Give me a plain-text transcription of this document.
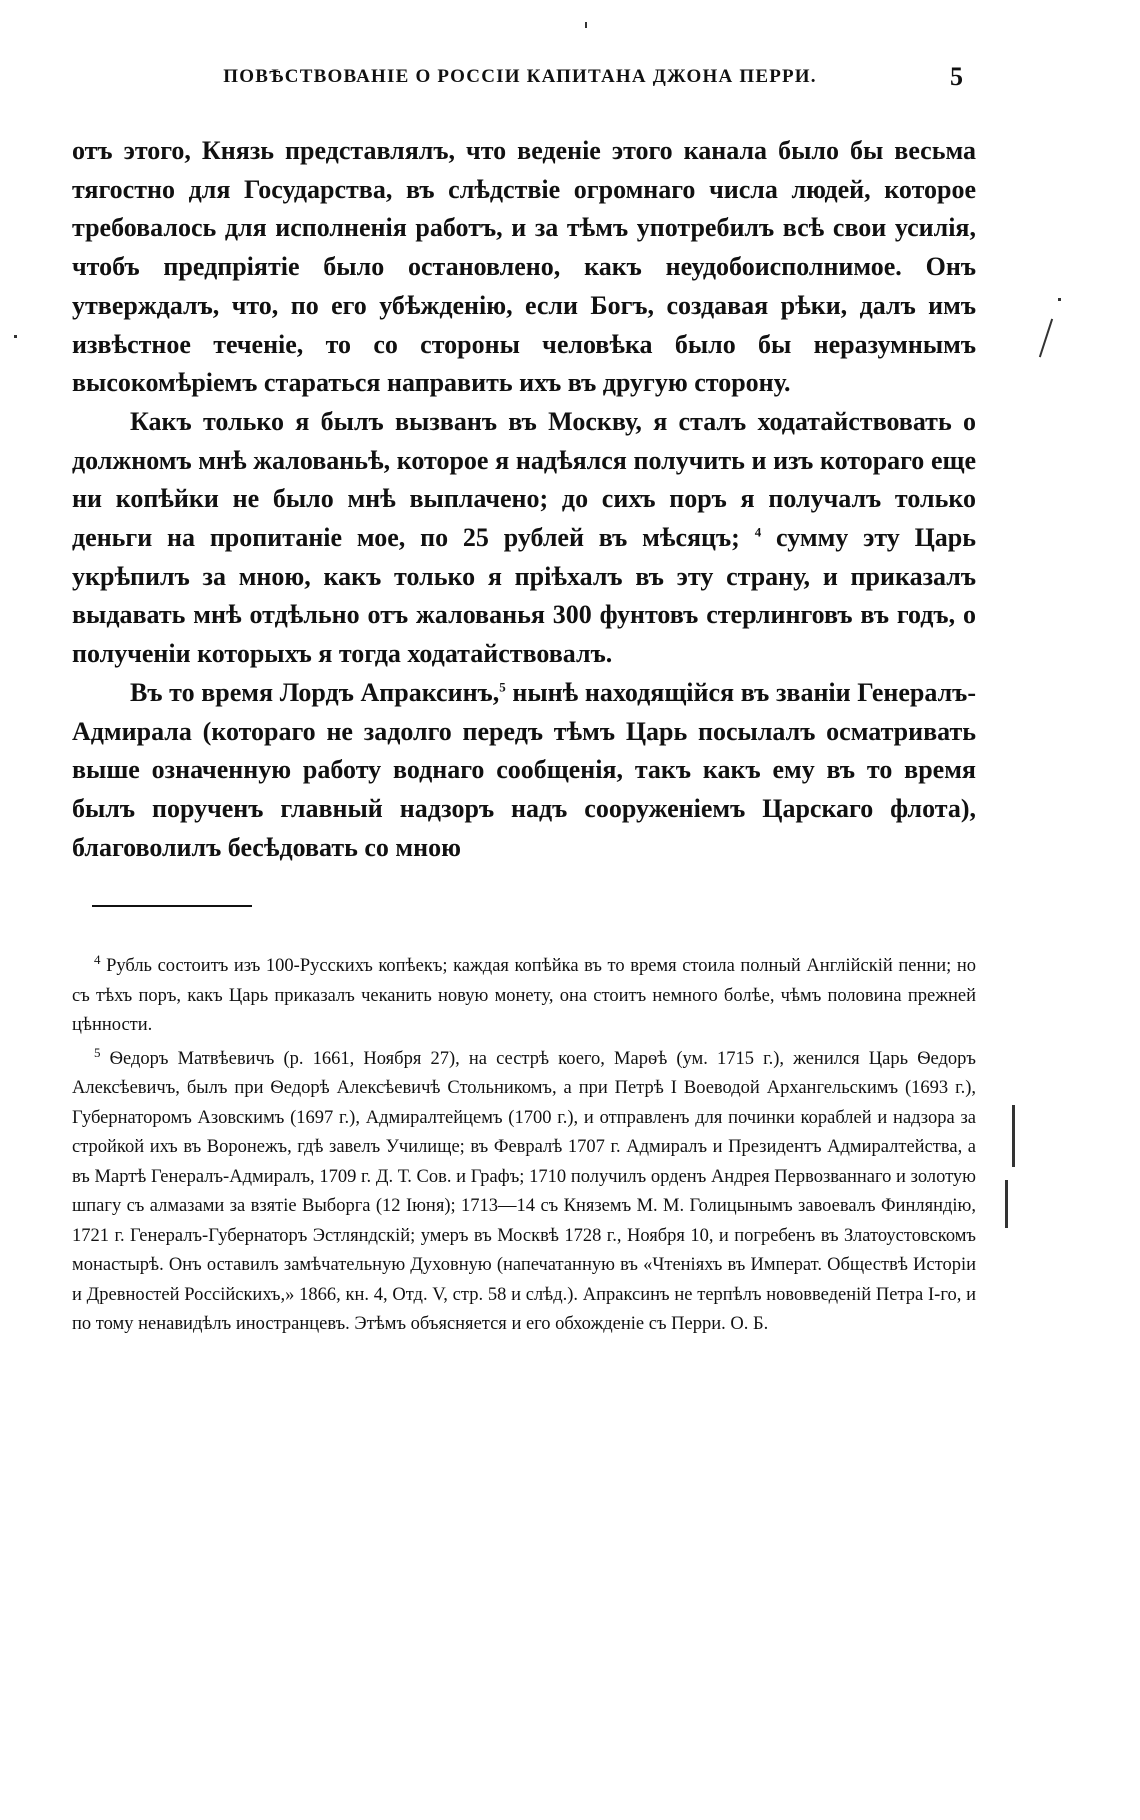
ПОВѢСТВОВАНІЕ О РОССІИ КАПИТАНА ДЖОНА ПЕРРИ.	5

отъ этого, Князь представлялъ, что веденіе этого канала было бы весьма тягостно для Государства, въ слѣдствіе огромнаго числа людей, которое требовалось для исполненія работъ, и за тѣмъ употребилъ всѣ свои усилія, чтобъ предпріятіе было остановлено, какъ неудобоисполнимое. Онъ утверждалъ, что, по его убѣжденію, если Богъ, создавая рѣки, далъ имъ извѣстное теченіе, то со стороны человѣка было бы неразумнымъ высокомѣріемъ стараться направить ихъ въ другую сторону.

Какъ только я былъ вызванъ въ Москву, я сталъ ходатайствовать о должномъ мнѣ жалованьѣ, которое я надѣялся получить и изъ котораго еще ни копѣйки не было мнѣ выплачено; до сихъ поръ я получалъ только деньги на пропитаніе мое, по 25 рублей въ мѣсяцъ; $^4$ сумму эту Царь укрѣпилъ за мною, какъ только я пріѣхалъ въ эту страну, и приказалъ выдавать мнѣ отдѣльно отъ жалованья 300 фунтовъ стерлинговъ въ годъ, о полученіи которыхъ я тогда ходатайствовалъ.

Въ то время Лордъ Апраксинъ,$^5$ нынѣ находящійся въ званіи Генералъ-Адмирала (котораго не задолго передъ тѣмъ Царь посылалъ осматривать выше означенную работу воднаго сообщенія, такъ какъ ему въ то время былъ порученъ главный надзоръ надъ сооруженіемъ Царскаго флота), благоволилъ бесѣдовать со мною

$^4$ Рубль состоитъ изъ 100-Русскихъ копѣекъ; каждая копѣйка въ то время стоила полный Англійскій пенни; но съ тѣхъ поръ, какъ Царь приказалъ чеканить новую монету, она стоитъ немного болѣе, чѣмъ половина прежней цѣнности.

$^5$ Ѳедоръ Матвѣевичъ (р. 1661, Ноября 27), на сестрѣ коего, Марѳѣ (ум. 1715 г.), женился Царь Ѳедоръ Алексѣевичъ, былъ при Ѳедорѣ Алексѣевичѣ Стольникомъ, а при Петрѣ I Воеводой Архангельскимъ (1693 г.), Губернаторомъ Азовскимъ (1697 г.), Адмиралтейцемъ (1700 г.), и отправленъ для починки кораблей и надзора за стройкой ихъ въ Воронежъ, гдѣ завелъ Училище; въ Февралѣ 1707 г. Адмиралъ и Президентъ Адмиралтейства, а въ Мартѣ Генералъ-Адмиралъ, 1709 г. Д. Т. Сов. и Графъ; 1710 получилъ орденъ Андрея Первозваннаго и золотую шпагу съ алмазами за взятіе Выборга (12 Іюня); 1713—14 съ Княземъ М. М. Голицынымъ завоевалъ Финляндію, 1721 г. Генералъ-Губернаторъ Эстляндскій; умеръ въ Москвѣ 1728 г., Ноября 10, и погребенъ въ Златоустовскомъ монастырѣ. Онъ оставилъ замѣчательную Духовную (напечатанную въ «Чтеніяхъ въ Императ. Обществѣ Исторіи и Древностей Россійскихъ,» 1866, кн. 4, Отд. V, стр. 58 и слѣд.). Апраксинъ не терпѣлъ нововведеній Петра I-го, и по тому ненавидѣлъ иностранцевъ. Этѣмъ объясняется и его обхожденіе съ Перри. О. Б.
